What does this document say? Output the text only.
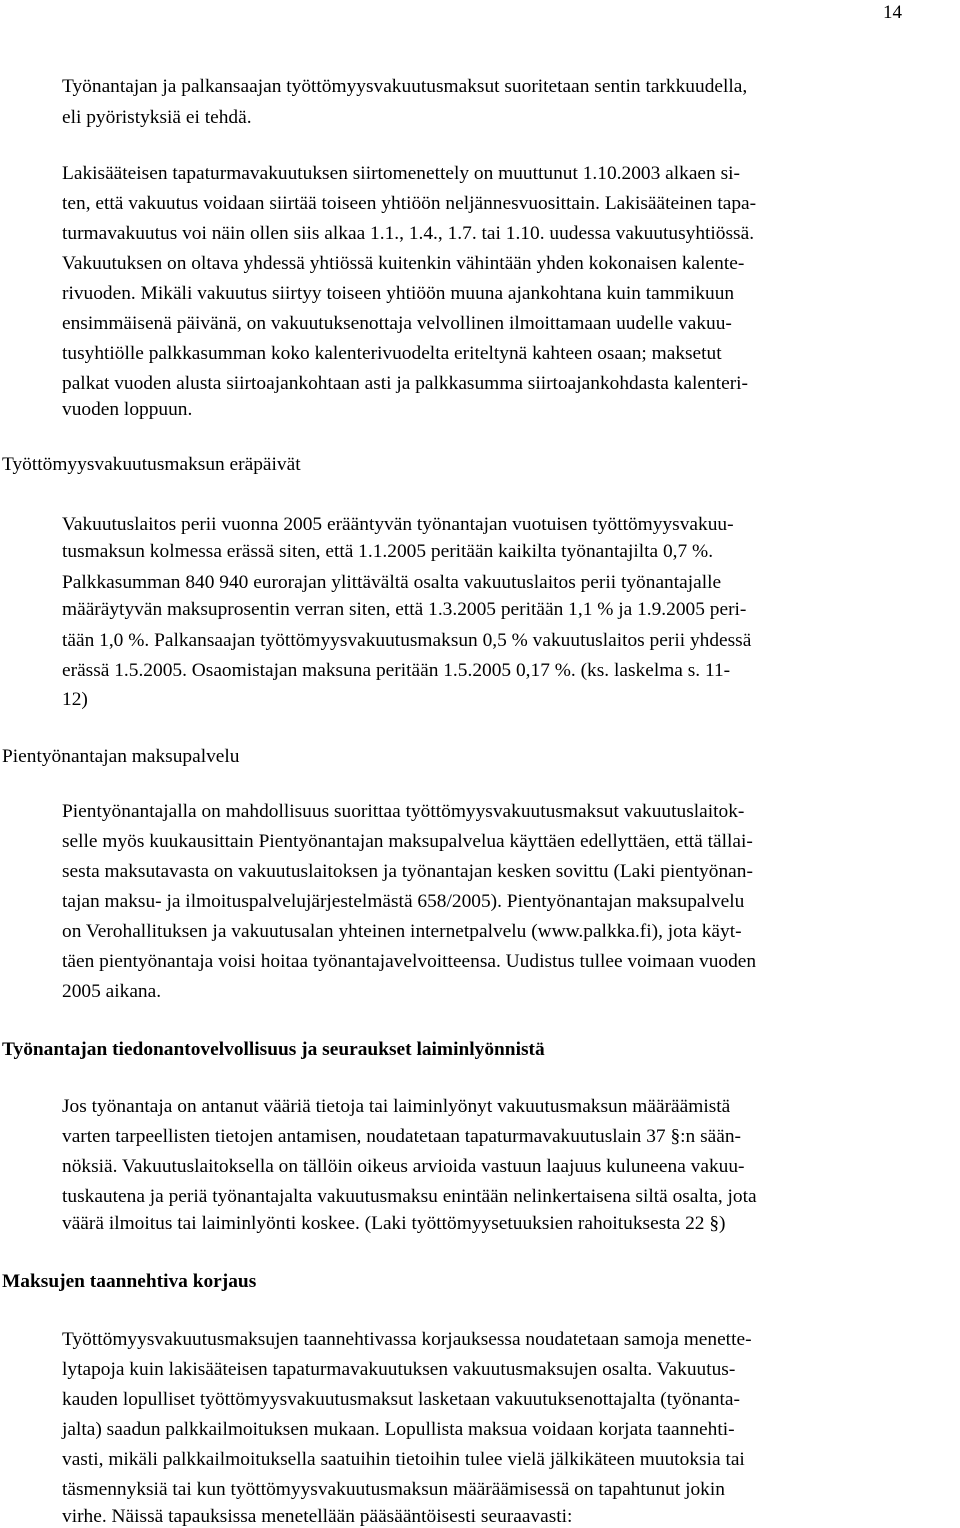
14
Työnantajan ja palkansaajan työttömyysvakuutusmaksut suoritetaan sentin tarkkuudella,
eli pyöristyksiä ei tehdä.
Lakisääteisen tapaturmavakuutuksen siirtomenettely on muuttunut 1.10.2003 alkaen si-
ten, että vakuutus voidaan siirtää toiseen yhtiöön neljännesvuosittain. Lakisääteinen tapa-
turmavakuutus voi näin ollen siis alkaa 1.1., 1.4., 1.7. tai 1.10. uudessa vakuutusyhtiössä.
Vakuutuksen on oltava yhdessä yhtiössä kuitenkin vähintään yhden kokonaisen kalente-
rivuoden. Mikäli vakuutus siirtyy toiseen yhtiöön muuna ajankohtana kuin tammikuun
ensimmäisenä päivänä, on vakuutuksenottaja velvollinen ilmoittamaan uudelle vakuu-
tusyhtiölle palkkasumman koko kalenterivuodelta eriteltynä kahteen osaan; maksetut
palkat vuoden alusta siirtoajankohtaan asti ja palkkasumma siirtoajankohdasta kalenteri-
vuoden loppuun.
Työttömyysvakuutusmaksun eräpäivät
Vakuutuslaitos perii vuonna 2005 erääntyvän työnantajan vuotuisen työttömyysvakuu-
tusmaksun kolmessa erässä siten, että 1.1.2005 peritään kaikilta työnantajilta 0,7 %.
Palkkasumman 840 940 eurorajan ylittävältä osalta vakuutuslaitos perii työnantajalle
määräytyvän maksuprosentin verran siten, että 1.3.2005 peritään 1,1 % ja 1.9.2005 peri-
tään 1,0 %. Palkansaajan työttömyysvakuutusmaksun 0,5 % vakuutuslaitos perii yhdessä
erässä 1.5.2005. Osaomistajan maksuna peritään 1.5.2005 0,17 %. (ks. laskelma s. 11-
12)
Pientyönantajan maksupalvelu
Pientyönantajalla on mahdollisuus suorittaa työttömyysvakuutusmaksut vakuutuslaitok-
selle myös kuukausittain Pientyönantajan maksupalvelua käyttäen edellyttäen, että tällai-
sesta maksutavasta on vakuutuslaitoksen ja työnantajan kesken sovittu (Laki pientyönan-
tajan maksu- ja ilmoituspalvelujärjestelmästä 658/2005). Pientyönantajan maksupalvelu
on Verohallituksen ja vakuutusalan yhteinen internetpalvelu (www.palkka.fi), jota käyt-
täen pientyönantaja voisi hoitaa työnantajavelvoitteensa. Uudistus tullee voimaan vuoden
2005 aikana.
Työnantajan tiedonantovelvollisuus ja seuraukset laiminlyönnistä
Jos työnantaja on antanut vääriä tietoja tai laiminlyönyt vakuutusmaksun määräämistä
varten tarpeellisten tietojen antamisen, noudatetaan tapaturmavakuutuslain 37 §:n sään-
nöksiä. Vakuutuslaitoksella on tällöin oikeus arvioida vastuun laajuus kuluneena vakuu-
tuskautena ja periä työnantajalta vakuutusmaksu enintään nelinkertaisena siltä osalta, jota
väärä ilmoitus tai laiminlyönti koskee. (Laki työttömyysetuuksien rahoituksesta 22 §)
Maksujen taannehtiva korjaus
Työttömyysvakuutusmaksujen taannehtivassa korjauksessa noudatetaan samoja menette-
lytapoja kuin lakisääteisen tapaturmavakuutuksen vakuutusmaksujen osalta. Vakuutus-
kauden lopulliset työttömyysvakuutusmaksut lasketaan vakuutuksenottajalta (työnanta-
jalta) saadun palkkailmoituksen mukaan. Lopullista maksua voidaan korjata taannehti-
vasti, mikäli palkkailmoituksella saatuihin tietoihin tulee vielä jälkikäteen muutoksia tai
täsmennyksiä tai kun työttömyysvakuutusmaksun määräämisessä on tapahtunut jokin
virhe. Näissä tapauksissa menetellään pääsääntöisesti seuraavasti:
